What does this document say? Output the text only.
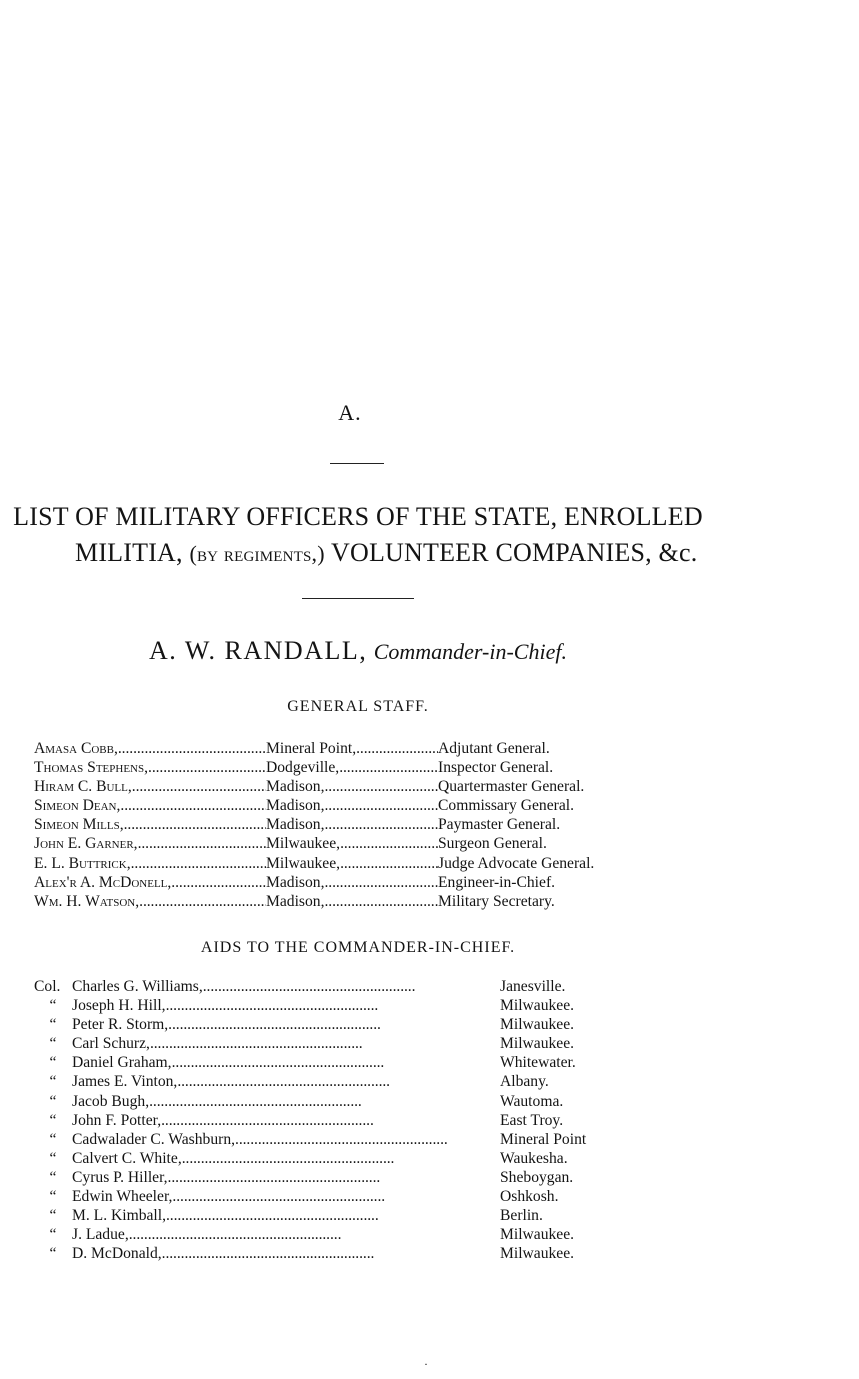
A.
LIST OF MILITARY OFFICERS OF THE STATE, ENROLLED
MILITIA, (by regiments,) VOLUNTEER COMPANIES, &c.
A. W. RANDALL, Commander-in-Chief.
GENERAL STAFF.
Amasa Cobb, . . .	Mineral Point, . . .	Adjutant General.
Thomas Stephens, . . .	Dodgeville, . . .	Inspector General.
Hiram C. Bull, . . .	Madison, . . .	Quartermaster General.
Simeon Dean, . . .	Madison, . . .	Commissary General.
Simeon Mills, . . .	Madison, . . .	Paymaster General.
John E. Garner, . . .	Milwaukee, . . .	Surgeon General.
E. L. Buttrick, . . .	Milwaukee, . . .	Judge Advocate General.
Alex'r A. McDonell, . . .	Madison, . . .	Engineer-in-Chief.
Wm. H. Watson, . . .	Madison, . . .	Military Secretary.
AIDS TO THE COMMANDER-IN-CHIEF.
Col. Charles G. Williams, . . .	Janesville.
“ Joseph H. Hill, . . .	Milwaukee.
“ Peter R. Storm, . . .	Milwaukee.
“ Carl Schurz, . . .	Milwaukee.
“ Daniel Graham, . . .	Whitewater.
“ James E. Vinton, . . .	Albany.
“ Jacob Bugh, . . .	Wautoma.
“ John F. Potter, . . .	East Troy.
“ Cadwalader C. Washburn, . . .	Mineral Point
“ Calvert C. White, . . .	Waukesha.
“ Cyrus P. Hiller, . . .	Sheboygan.
“ Edwin Wheeler, . . .	Oshkosh.
“ M. L. Kimball, . . .	Berlin.
“ J. Ladue, . . .	Milwaukee.
“ D. McDonald, . . .	Milwaukee.
·
